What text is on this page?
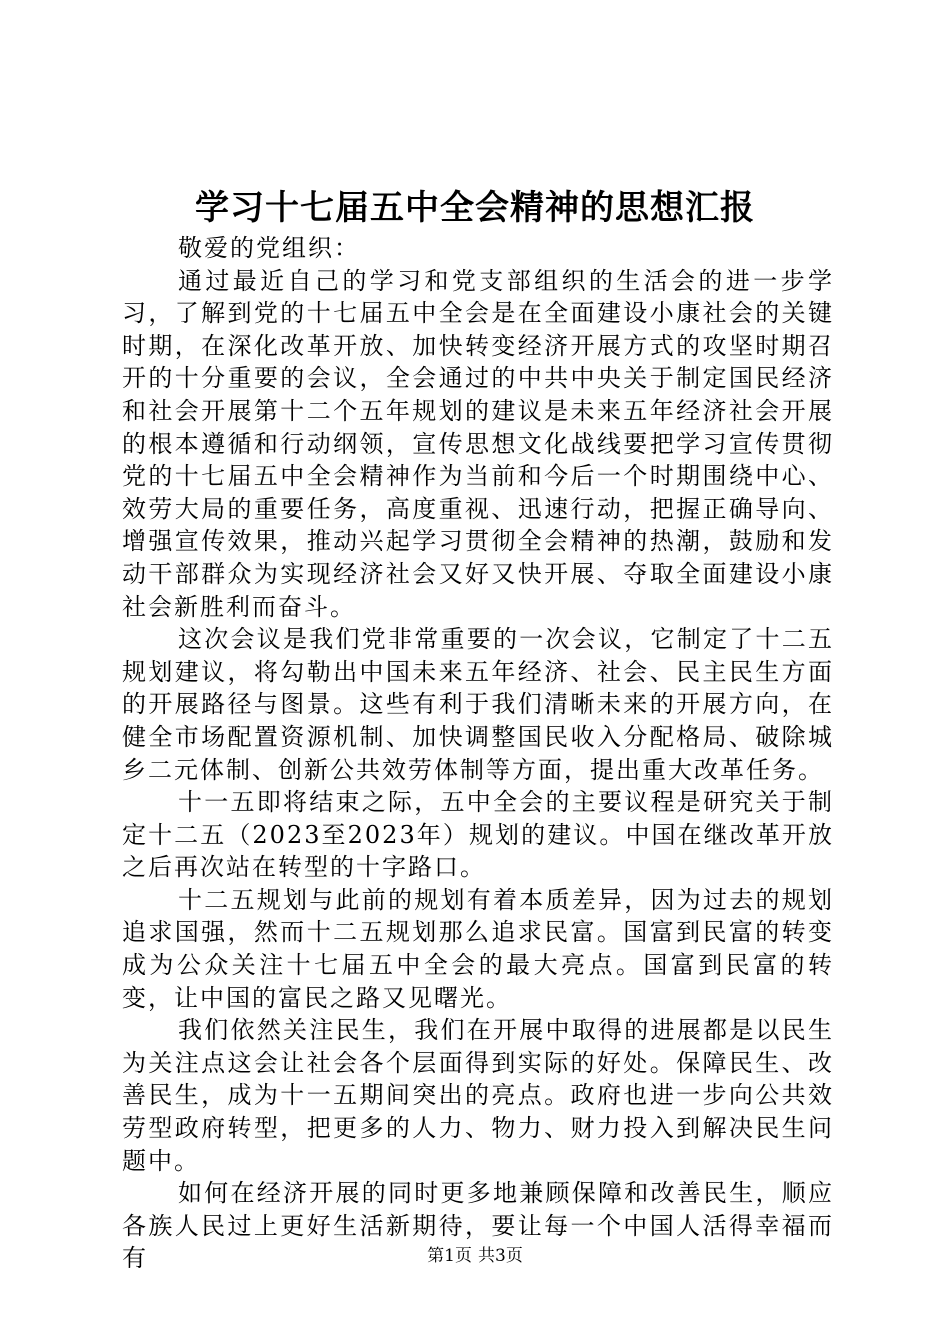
学习十七届五中全会精神的思想汇报

敬爱的党组织：

通过最近自己的学习和党支部组织的生活会的进一步学习，了解到党的十七届五中全会是在全面建设小康社会的关键时期，在深化改革开放、加快转变经济开展方式的攻坚时期召开的十分重要的会议，全会通过的中共中央关于制定国民经济和社会开展第十二个五年规划的建议是未来五年经济社会开展的根本遵循和行动纲领，宣传思想文化战线要把学习宣传贯彻党的十七届五中全会精神作为当前和今后一个时期围绕中心、效劳大局的重要任务，高度重视、迅速行动，把握正确导向、增强宣传效果，推动兴起学习贯彻全会精神的热潮，鼓励和发动干部群众为实现经济社会又好又快开展、夺取全面建设小康社会新胜利而奋斗。

这次会议是我们党非常重要的一次会议，它制定了十二五规划建议，将勾勒出中国未来五年经济、社会、民主民生方面的开展路径与图景。这些有利于我们清晰未来的开展方向，在健全市场配置资源机制、加快调整国民收入分配格局、破除城乡二元体制、创新公共效劳体制等方面，提出重大改革任务。

十一五即将结束之际，五中全会的主要议程是研究关于制定十二五（2023至2023年）规划的建议。中国在继改革开放之后再次站在转型的十字路口。

十二五规划与此前的规划有着本质差异，因为过去的规划追求国强，然而十二五规划那么追求民富。国富到民富的转变成为公众关注十七届五中全会的最大亮点。国富到民富的转变，让中国的富民之路又见曙光。

我们依然关注民生，我们在开展中取得的进展都是以民生为关注点这会让社会各个层面得到实际的好处。保障民生、改善民生，成为十一五期间突出的亮点。政府也进一步向公共效劳型政府转型，把更多的人力、物力、财力投入到解决民生问题中。

如何在经济开展的同时更多地兼顾保障和改善民生，顺应各族人民过上更好生活新期待，要让每一个中国人活得幸福而有	第1页 共3页
